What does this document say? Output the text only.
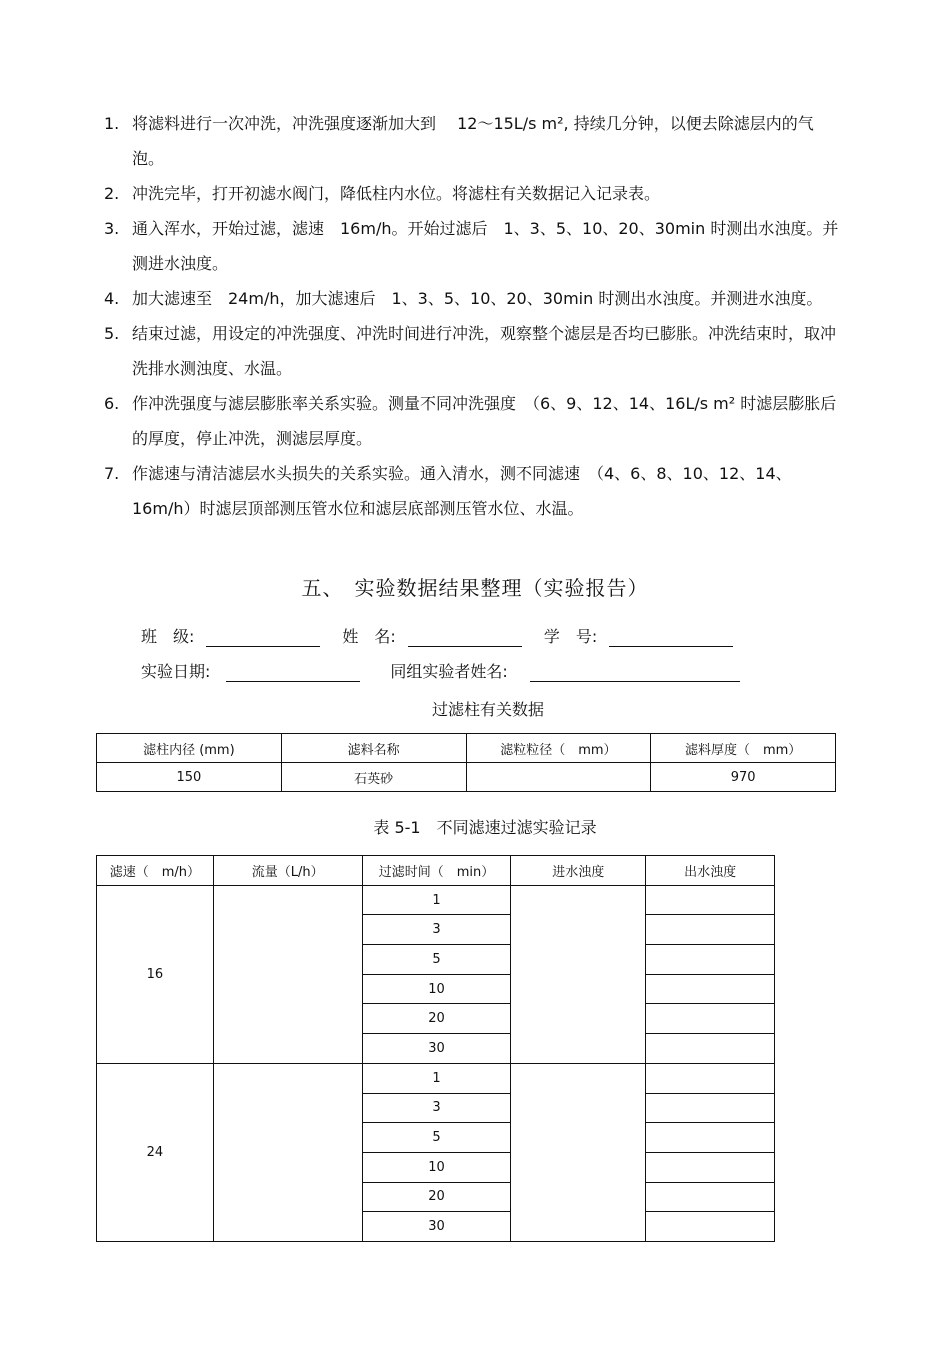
1. 将滤料进行一次冲洗，冲洗强度逐渐加大到　 12～15L/s m², 持续几分钟，以便去除滤层内的气泡。
2. 冲洗完毕，打开初滤水阀门，降低柱内水位。将滤柱有关数据记入记录表。
3. 通入浑水，开始过滤，滤速　16m/h。开始过滤后　1、3、5、10、20、30min 时测出水浊度。并测进水浊度。
4. 加大滤速至　24m/h，加大滤速后　1、3、5、10、20、30min 时测出水浊度。并测进水浊度。
5. 结束过滤，用设定的冲洗强度、冲洗时间进行冲洗，观察整个滤层是否均已膨胀。冲洗结束时，取冲洗排水测浊度、水温。
6. 作冲洗强度与滤层膨胀率关系实验。测量不同冲洗强度　（6、9、12、14、16L/s m² 时滤层膨胀后的厚度，停止冲洗，测滤层厚度。
7. 作滤速与清洁滤层水头损失的关系实验。通入清水，测不同滤速　（4、6、8、10、12、14、16m/h）时滤层顶部测压管水位和滤层底部测压管水位、水温。
五、　实验数据结果整理（实验报告）
班　级:	姓　名:	学　号:
实验日期:	同组实验者姓名:
过滤柱有关数据
滤柱内径 (mm)	滤料名称	滤粒粒径（　mm）	滤料厚度（　mm）
150	石英砂		970
表 5-1　不同滤速过滤实验记录
滤速（　m/h）	流量（L/h）	过滤时间（　min）	进水浊度	出水浊度
16		1		
		3		
		5		
		10		
		20		
		30		
24		1		
		3		
		5		
		10		
		20		
		30		
